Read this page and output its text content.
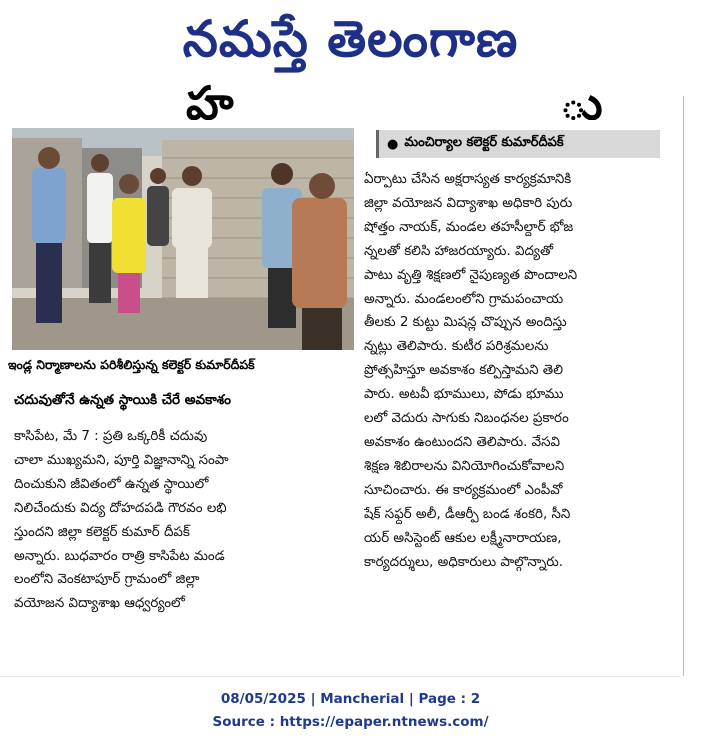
నమస్తే తెలంగాణ
హ	ు
ఇండ్ల నిర్మాణాలను పరిశీలిస్తున్న కలెక్టర్ కుమార్‌దీపక్
చదువుతోనే ఉన్నత స్థాయికి చేరే అవకాశం
● మంచిర్యాల కలెక్టర్ కుమార్‌దీపక్
కాసిపేట, మే 7 : ప్రతి ఒక్కరికీ చదువు
చాలా ముఖ్యమని, పూర్తి విజ్ఞానాన్ని సంపా
దించుకుని జీవితంలో ఉన్నత స్థాయిలో
నిలిచేందుకు విద్య దోహదపడి గౌరవం లభి
స్తుందని జిల్లా కలెక్టర్ కుమార్ దీపక్
అన్నారు. బుధవారం రాత్రి కాసిపేట మండ
లంలోని వెంకటాపూర్ గ్రామంలో జిల్లా
వయోజన విద్యాశాఖ ఆధ్వర్యంలో
ఏర్పాటు చేసిన అక్షరాస్యత కార్యక్రమానికి
జిల్లా వయోజన విద్యాశాఖ అధికారి పురు
షోత్తం నాయక్, మండల తహసీల్దార్ భోజ
న్నలతో కలిసి హాజరయ్యారు. విద్యతో
పాటు వృత్తి శిక్షణలో నైపుణ్యత పొందాలని
అన్నారు. మండలంలోని గ్రామపంచాయ
తీలకు 2 కుట్టు మిషన్ల చొప్పున అందిస్తు
న్నట్లు తెలిపారు. కుటీర పరిశ్రమలను
ప్రోత్సహిస్తూ అవకాశం కల్పిస్తామని తెలి
పారు. అటవీ భూములు, పోడు భూము
లలో వెదురు సాగుకు నిబంధనల ప్రకారం
అవకాశం ఉంటుందని తెలిపారు. వేసవి
శిక్షణ శిబిరాలను వినియోగించుకోవాలని
సూచించారు. ఈ కార్యక్రమంలో ఎంపీవో
షేక్ సఫ్దర్ అలీ, డీఆర్పీ బండ శంకరి, సీని
యర్ అసిస్టెంట్ ఆకుల లక్ష్మీనారాయణ,
కార్యదర్శులు, అధికారులు పాల్గొన్నారు.
08/05/2025 | Mancherial | Page : 2
Source : https://epaper.ntnews.com/
